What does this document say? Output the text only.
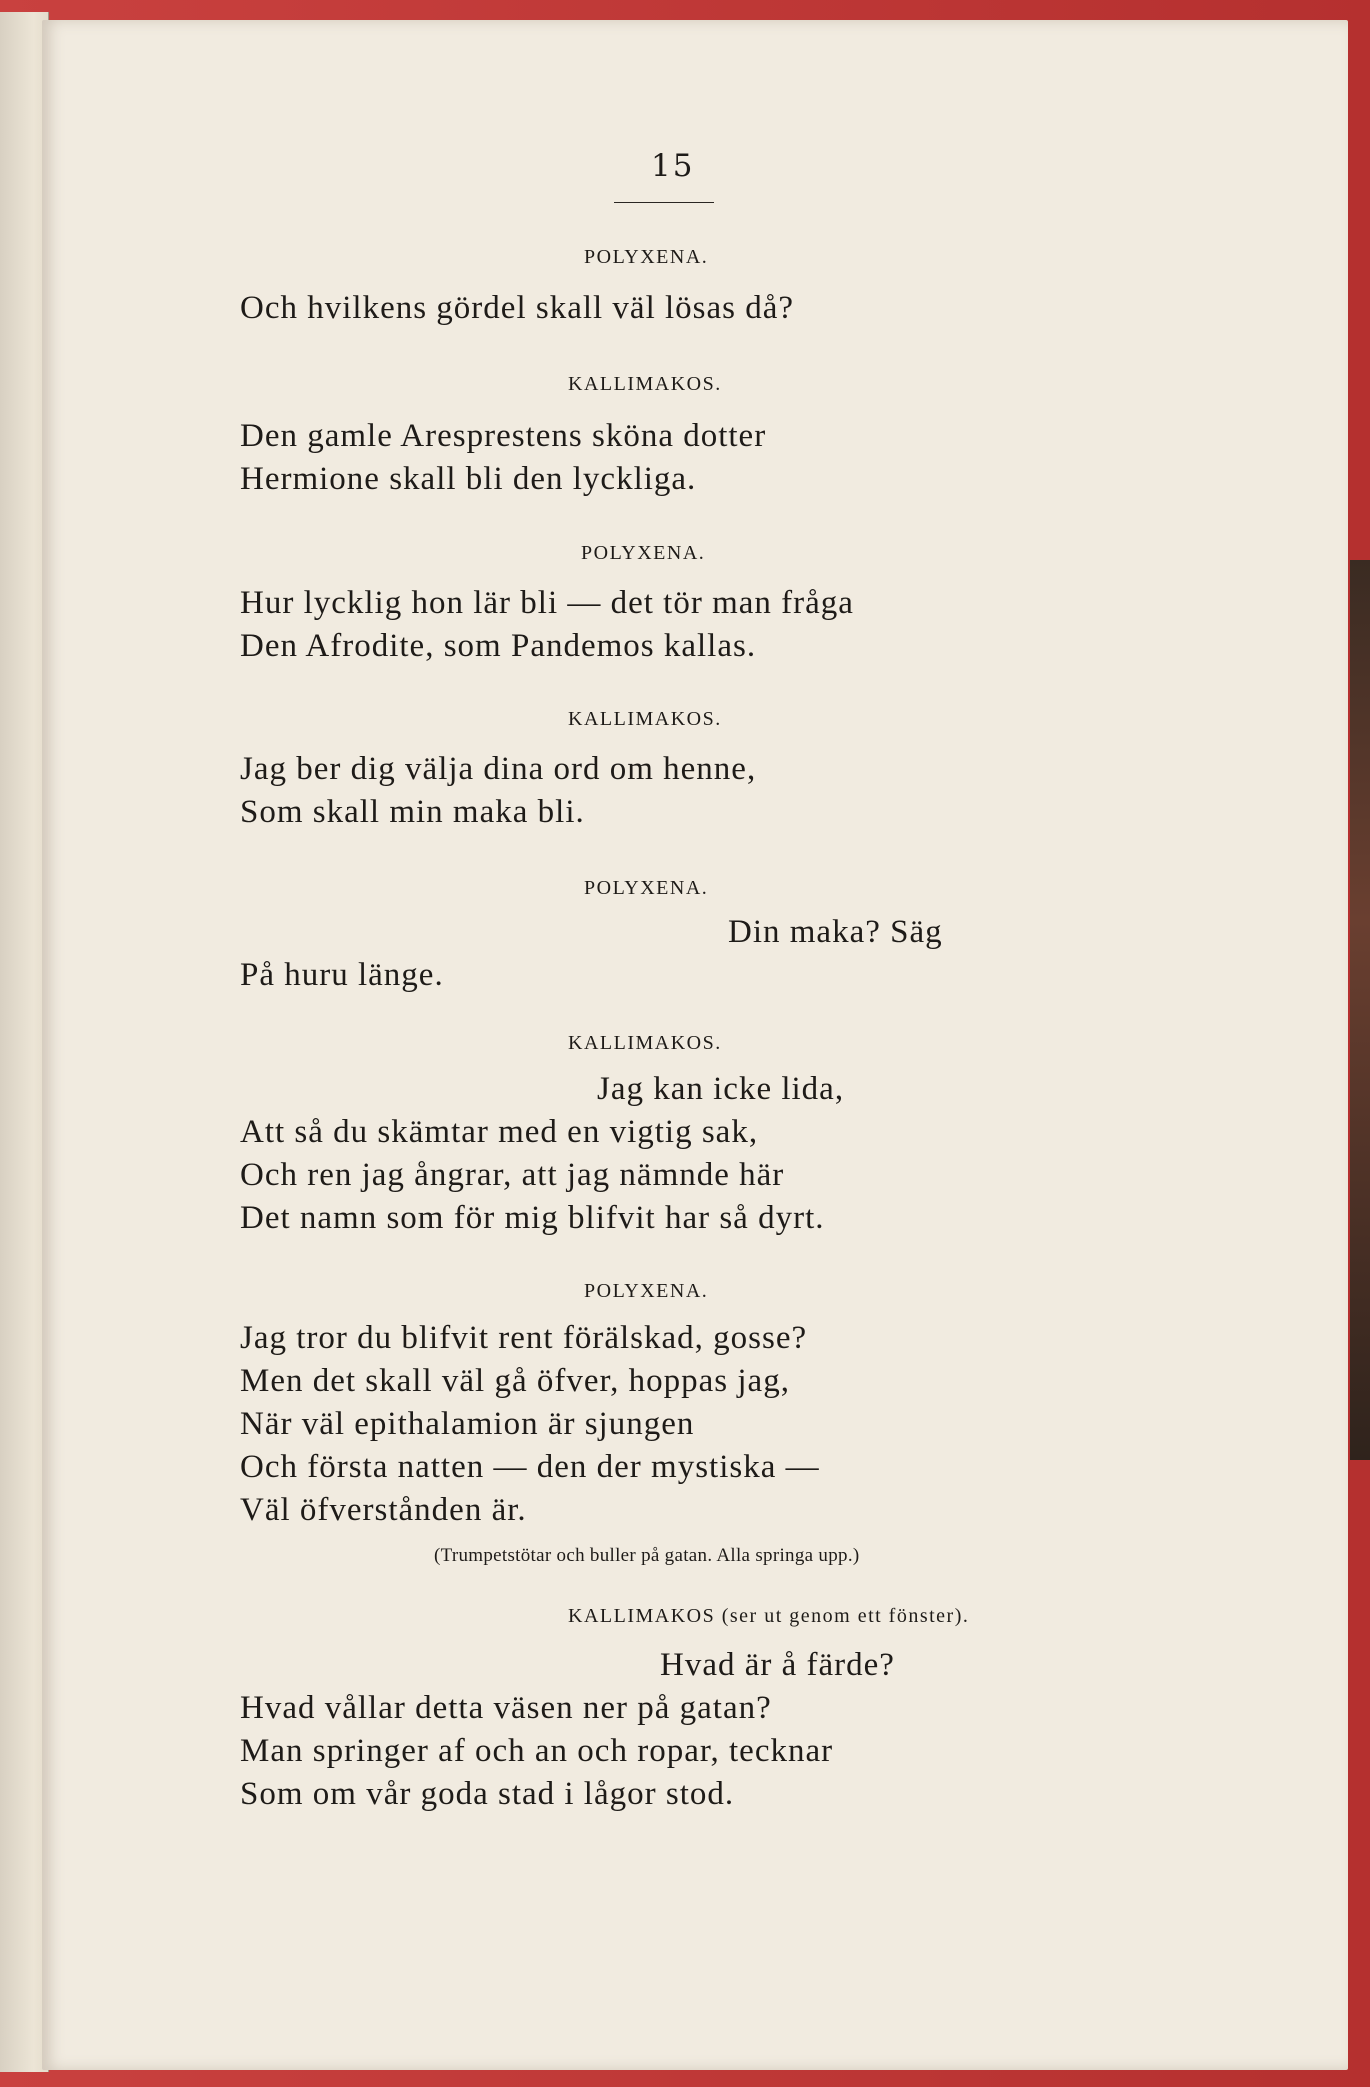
15
POLYXENA.
Och hvilkens gördel skall väl lösas då?
KALLIMAKOS.
Den gamle Aresprestens sköna dotter
Hermione skall bli den lyckliga.
POLYXENA.
Hur lycklig hon lär bli — det tör man fråga
Den Afrodite, som Pandemos kallas.
KALLIMAKOS.
Jag ber dig välja dina ord om henne,
Som skall min maka bli.
POLYXENA.
Din maka? Säg
På huru länge.
KALLIMAKOS.
Jag kan icke lida,
Att så du skämtar med en vigtig sak,
Och ren jag ångrar, att jag nämnde här
Det namn som för mig blifvit har så dyrt.
POLYXENA.
Jag tror du blifvit rent förälskad, gosse?
Men det skall väl gå öfver, hoppas jag,
När väl epithalamion är sjungen
Och första natten — den der mystiska —
Väl öfverstånden är.
(Trumpetstötar och buller på gatan. Alla springa upp.)
KALLIMAKOS (ser ut genom ett fönster).
Hvad är å färde?
Hvad vållar detta väsen ner på gatan?
Man springer af och an och ropar, tecknar
Som om vår goda stad i lågor stod.
